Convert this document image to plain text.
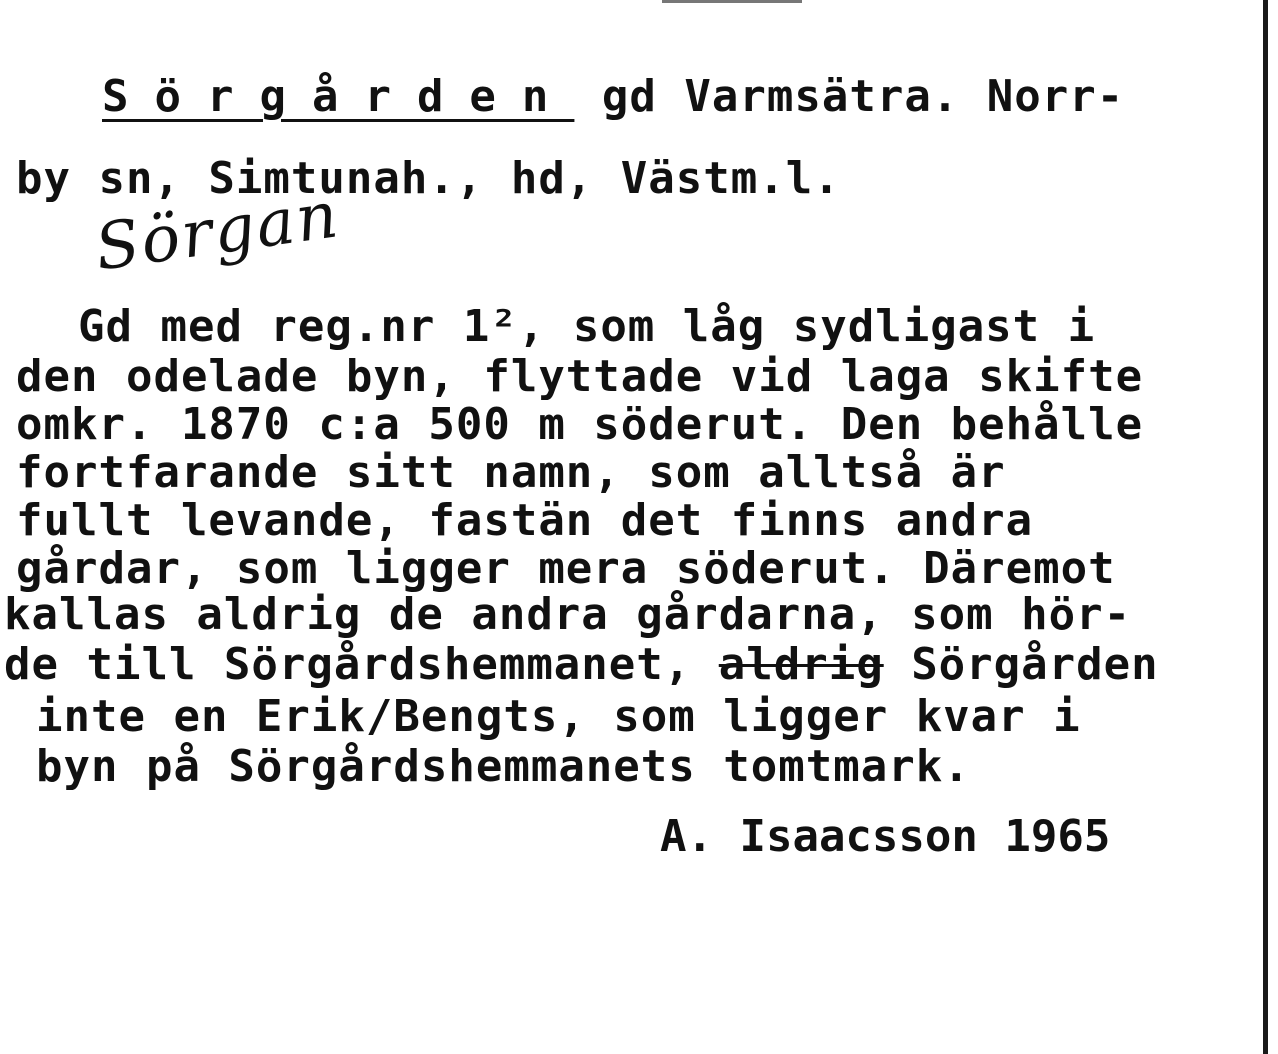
Sörgården gd Varmsätra. Norr-
by sn, Simtunah., hd, Västm.l.
Sörgan
Gd med reg.nr 1², som låg sydligast i
den odelade byn, flyttade vid laga skifte
omkr. 1870 c:a 500 m söderut. Den behålle
fortfarande sitt namn, som alltså är
fullt levande, fastän det finns andra
gårdar, som ligger mera söderut. Däremot
kallas aldrig de andra gårdarna, som hör-
de till Sörgårdshemmanet, aldrig Sörgården
inte en Erik/Bengts, som ligger kvar i
byn på Sörgårdshemmanets tomtmark.
A. Isaacsson 1965
